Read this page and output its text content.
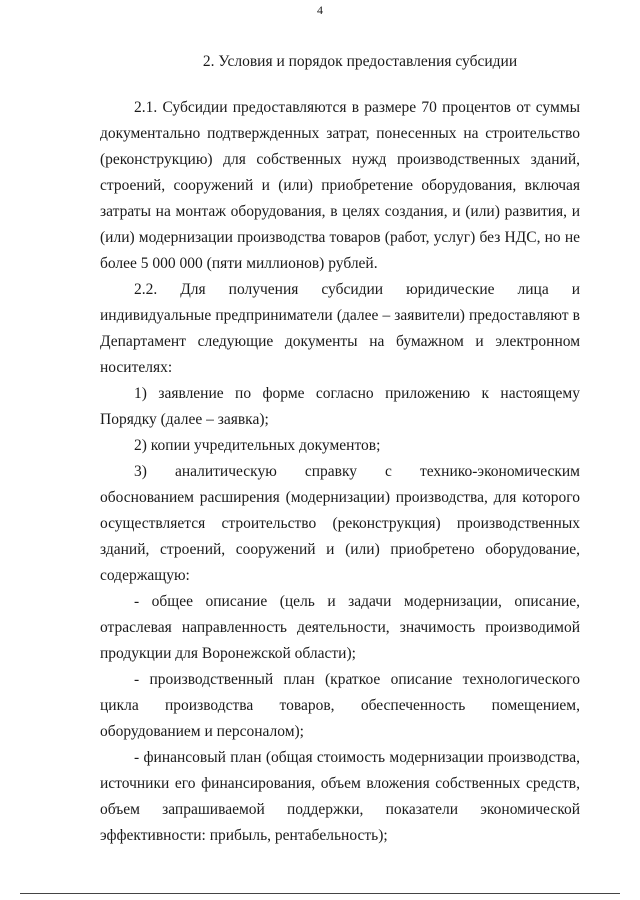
4
2. Условия и порядок предоставления субсидии

2.1. Субсидии предоставляются в размере 70 процентов от суммы документально подтвержденных затрат, понесенных на строительство (реконструкцию) для собственных нужд производственных зданий, строений, сооружений и (или) приобретение оборудования, включая затраты на монтаж оборудования, в целях создания, и (или) развития, и (или) модернизации производства товаров (работ, услуг) без НДС, но не более 5 000 000 (пяти миллионов) рублей.

2.2. Для получения субсидии юридические лица и индивидуальные предприниматели (далее – заявители) предоставляют в Департамент следующие документы на бумажном и электронном носителях:

1) заявление по форме согласно приложению к настоящему Порядку (далее – заявка);

2) копии учредительных документов;

3) аналитическую справку с технико-экономическим обоснованием расширения (модернизации) производства, для которого осуществляется строительство (реконструкция) производственных зданий, строений, сооружений и (или) приобретено оборудование, содержащую:

- общее описание (цель и задачи модернизации, описание, отраслевая направленность деятельности, значимость производимой продукции для Воронежской области);

- производственный план (краткое описание технологического цикла производства товаров, обеспеченность помещением, оборудованием и персоналом);

- финансовый план (общая стоимость модернизации производства, источники его финансирования, объем вложения собственных средств, объем запрашиваемой поддержки, показатели экономической эффективности: прибыль, рентабельность);
